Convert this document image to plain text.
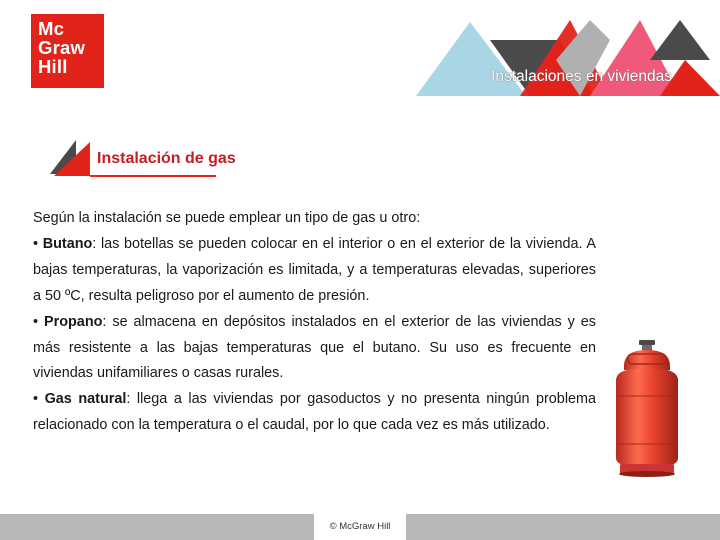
Mc
Graw
Hill	Instalaciones en viviendas
Instalación de gas

Según la instalación se puede emplear un tipo de gas u otro:

• Butano: las botellas se pueden colocar en el interior o en el exterior de la vivienda. A bajas temperaturas, la vaporización es limitada, y a temperaturas elevadas, superiores a 50 ºC, resulta peligroso por el aumento de presión.

• Propano: se almacena en depósitos instalados en el exterior de las viviendas y es más resistente a las bajas temperaturas que el butano. Su uso es frecuente en viviendas unifamiliares o casas rurales.

• Gas natural: llega a las viviendas por gasoductos y no presenta ningún problema relacionado con la temperatura o el caudal, por lo que cada vez es más utilizado.

© McGraw Hill
